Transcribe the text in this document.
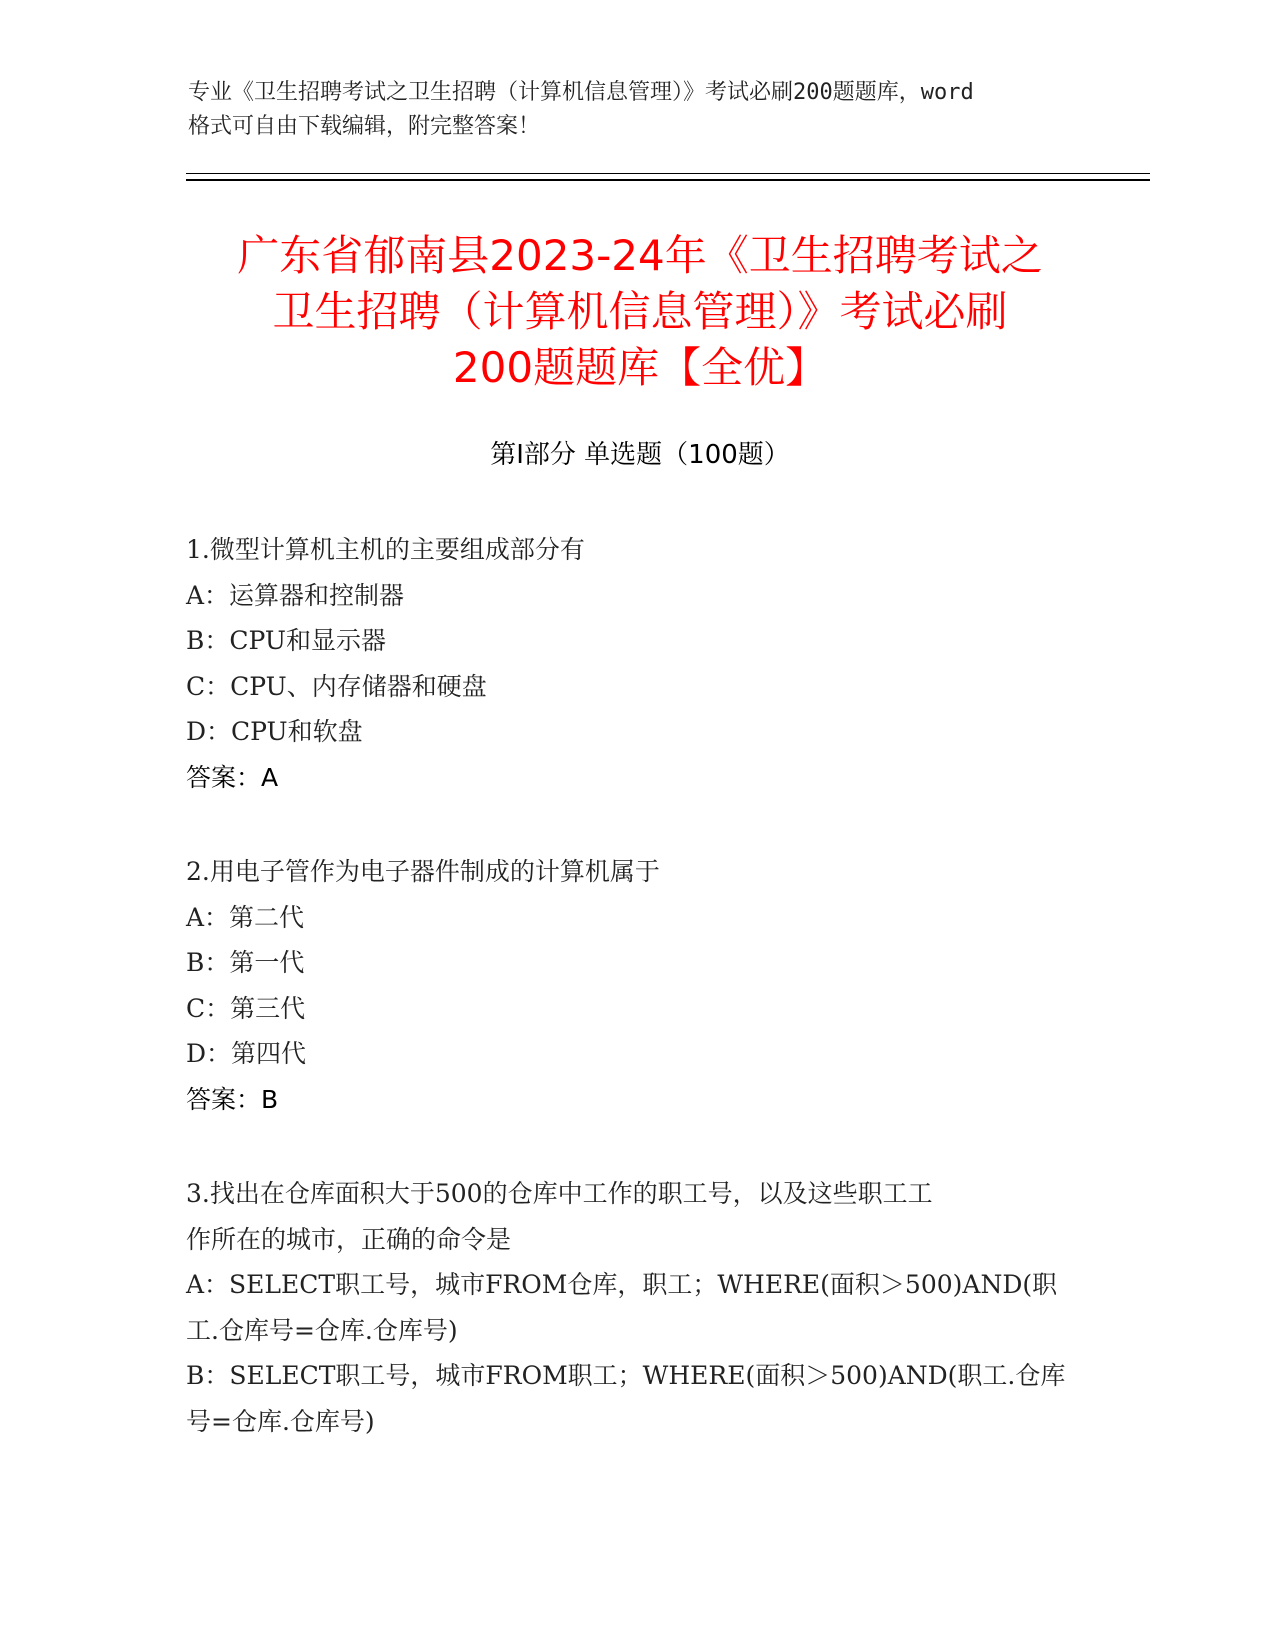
专业《卫生招聘考试之卫生招聘（计算机信息管理）》考试必刷200题题库，word
格式可自由下载编辑，附完整答案！
广东省郁南县2023-24年《卫生招聘考试之
卫生招聘（计算机信息管理）》考试必刷
200题题库【全优】
第Ⅰ部分 单选题（100题）
1.微型计算机主机的主要组成部分有
A：运算器和控制器
B：CPU和显示器
C：CPU、内存储器和硬盘
D：CPU和软盘
答案：A
2.用电子管作为电子器件制成的计算机属于
A：第二代
B：第一代
C：第三代
D：第四代
答案：B
3.找出在仓库面积大于500的仓库中工作的职工号，以及这些职工工
作所在的城市，正确的命令是
A：SELECT职工号，城市FROM仓库，职工；WHERE(面积＞500)AND(职
工.仓库号=仓库.仓库号)
B：SELECT职工号，城市FROM职工；WHERE(面积＞500)AND(职工.仓库
号=仓库.仓库号)
